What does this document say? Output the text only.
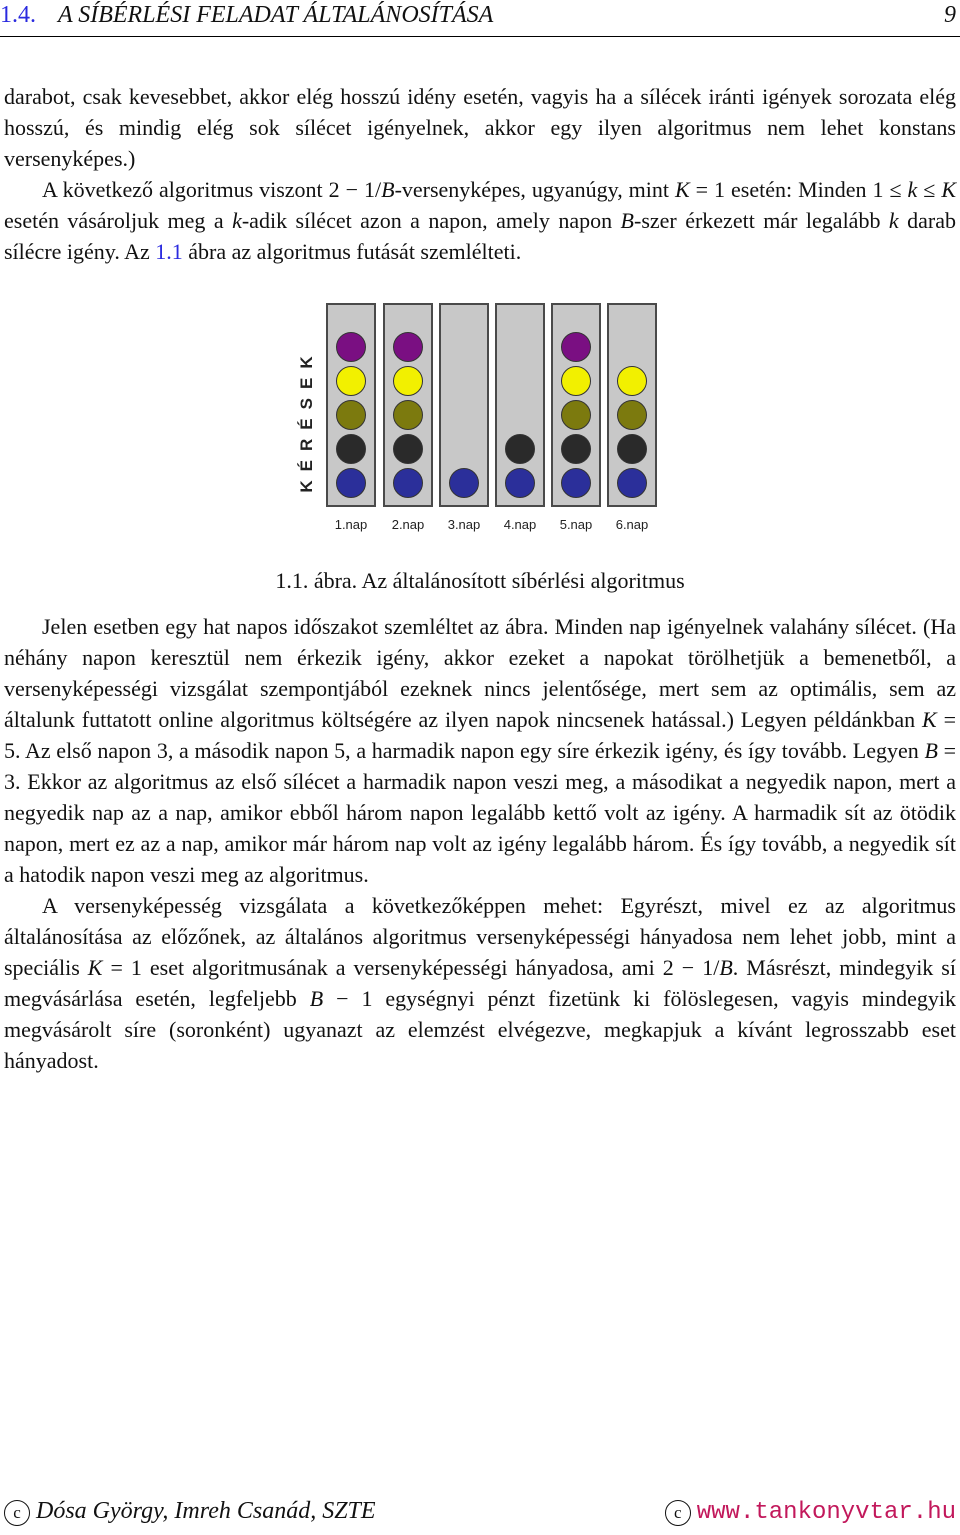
1.4. A SÍBÉRLÉSI FELADAT ÁLTALÁNOSÍTÁSA	9

darabot, csak kevesebbet, akkor elég hosszú idény esetén, vagyis ha a sílécek iránti igények sorozata elég hosszú, és mindig elég sok sílécet igényelnek, akkor egy ilyen algoritmus nem lehet konstans versenyképes.)

A következő algoritmus viszont 2 − 1/B-versenyképes, ugyanúgy, mint K = 1 esetén: Minden 1 ≤ k ≤ K esetén vásároljuk meg a k-adik sílécet azon a napon, amely napon B-szer érkezett már legalább k darab sílécre igény. Az 1.1 ábra az algoritmus futását szemlélteti.

KÉRÉSEK
1.nap 2.nap 3.nap 4.nap 5.nap 6.nap
1.1. ábra. Az általánosított síbérlési algoritmus

Jelen esetben egy hat napos időszakot szemléltet az ábra. Minden nap igényelnek valahány sílécet. (Ha néhány napon keresztül nem érkezik igény, akkor ezeket a napokat törölhetjük a bemenetből, a versenyképességi vizsgálat szempontjából ezeknek nincs jelentősége, mert sem az optimális, sem az általunk futtatott online algoritmus költségére az ilyen napok nincsenek hatással.) Legyen példánkban K = 5. Az első napon 3, a második napon 5, a harmadik napon egy síre érkezik igény, és így tovább. Legyen B = 3. Ekkor az algoritmus az első sílécet a harmadik napon veszi meg, a másodikat a negyedik napon, mert a negyedik nap az a nap, amikor ebből három napon legalább kettő volt az igény. A harmadik sít az ötödik napon, mert ez az a nap, amikor már három nap volt az igény legalább három. És így tovább, a negyedik sít a hatodik napon veszi meg az algoritmus.

A versenyképesség vizsgálata a következőképpen mehet: Egyrészt, mivel ez az algoritmus általánosítása az előzőnek, az általános algoritmus versenyképességi hányadosa nem lehet jobb, mint a speciális K = 1 eset algoritmusának a versenyképességi hányadosa, ami 2 − 1/B. Másrészt, mindegyik sí megvásárlása esetén, legfeljebb B − 1 egységnyi pénzt fizetünk ki fölöslegesen, vagyis mindegyik megvásárolt síre (soronként) ugyanazt az elemzést elvégezve, megkapjuk a kívánt legrosszabb eset hányadost.

c Dósa György, Imreh Csanád, SZTE	c www.tankonyvtar.hu
